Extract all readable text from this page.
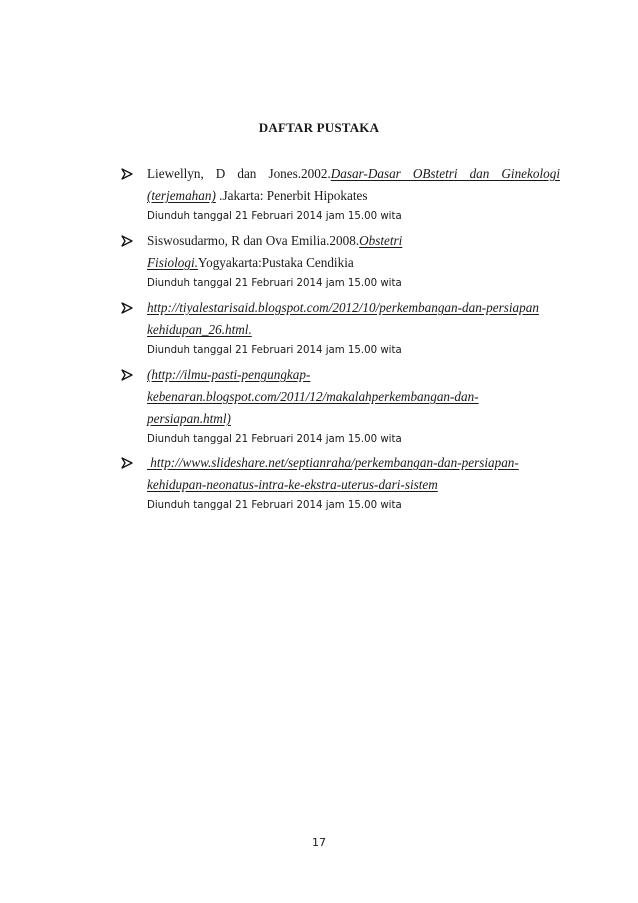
DAFTAR PUSTAKA
Liewellyn, D dan Jones.2002.Dasar-Dasar OBstetri dan Ginekologi
(terjemahan) .Jakarta: Penerbit Hipokates
Diunduh tanggal 21 Februari 2014 jam 15.00 wita
Siswosudarmo, R dan Ova Emilia.2008.Obstetri
Fisiologi.Yogyakarta:Pustaka Cendikia
Diunduh tanggal 21 Februari 2014 jam 15.00 wita
http://tiyalestarisaid.blogspot.com/2012/10/perkembangan-dan-persiapan
kehidupan_26.html.
Diunduh tanggal 21 Februari 2014 jam 15.00 wita
(http://ilmu-pasti-pengungkap-
kebenaran.blogspot.com/2011/12/makalahperkembangan-dan-
persiapan.html)
Diunduh tanggal 21 Februari 2014 jam 15.00 wita
http://www.slideshare.net/septianraha/perkembangan-dan-persiapan-
kehidupan-neonatus-intra-ke-ekstra-uterus-dari-sistem
Diunduh tanggal 21 Februari 2014 jam 15.00 wita
17
